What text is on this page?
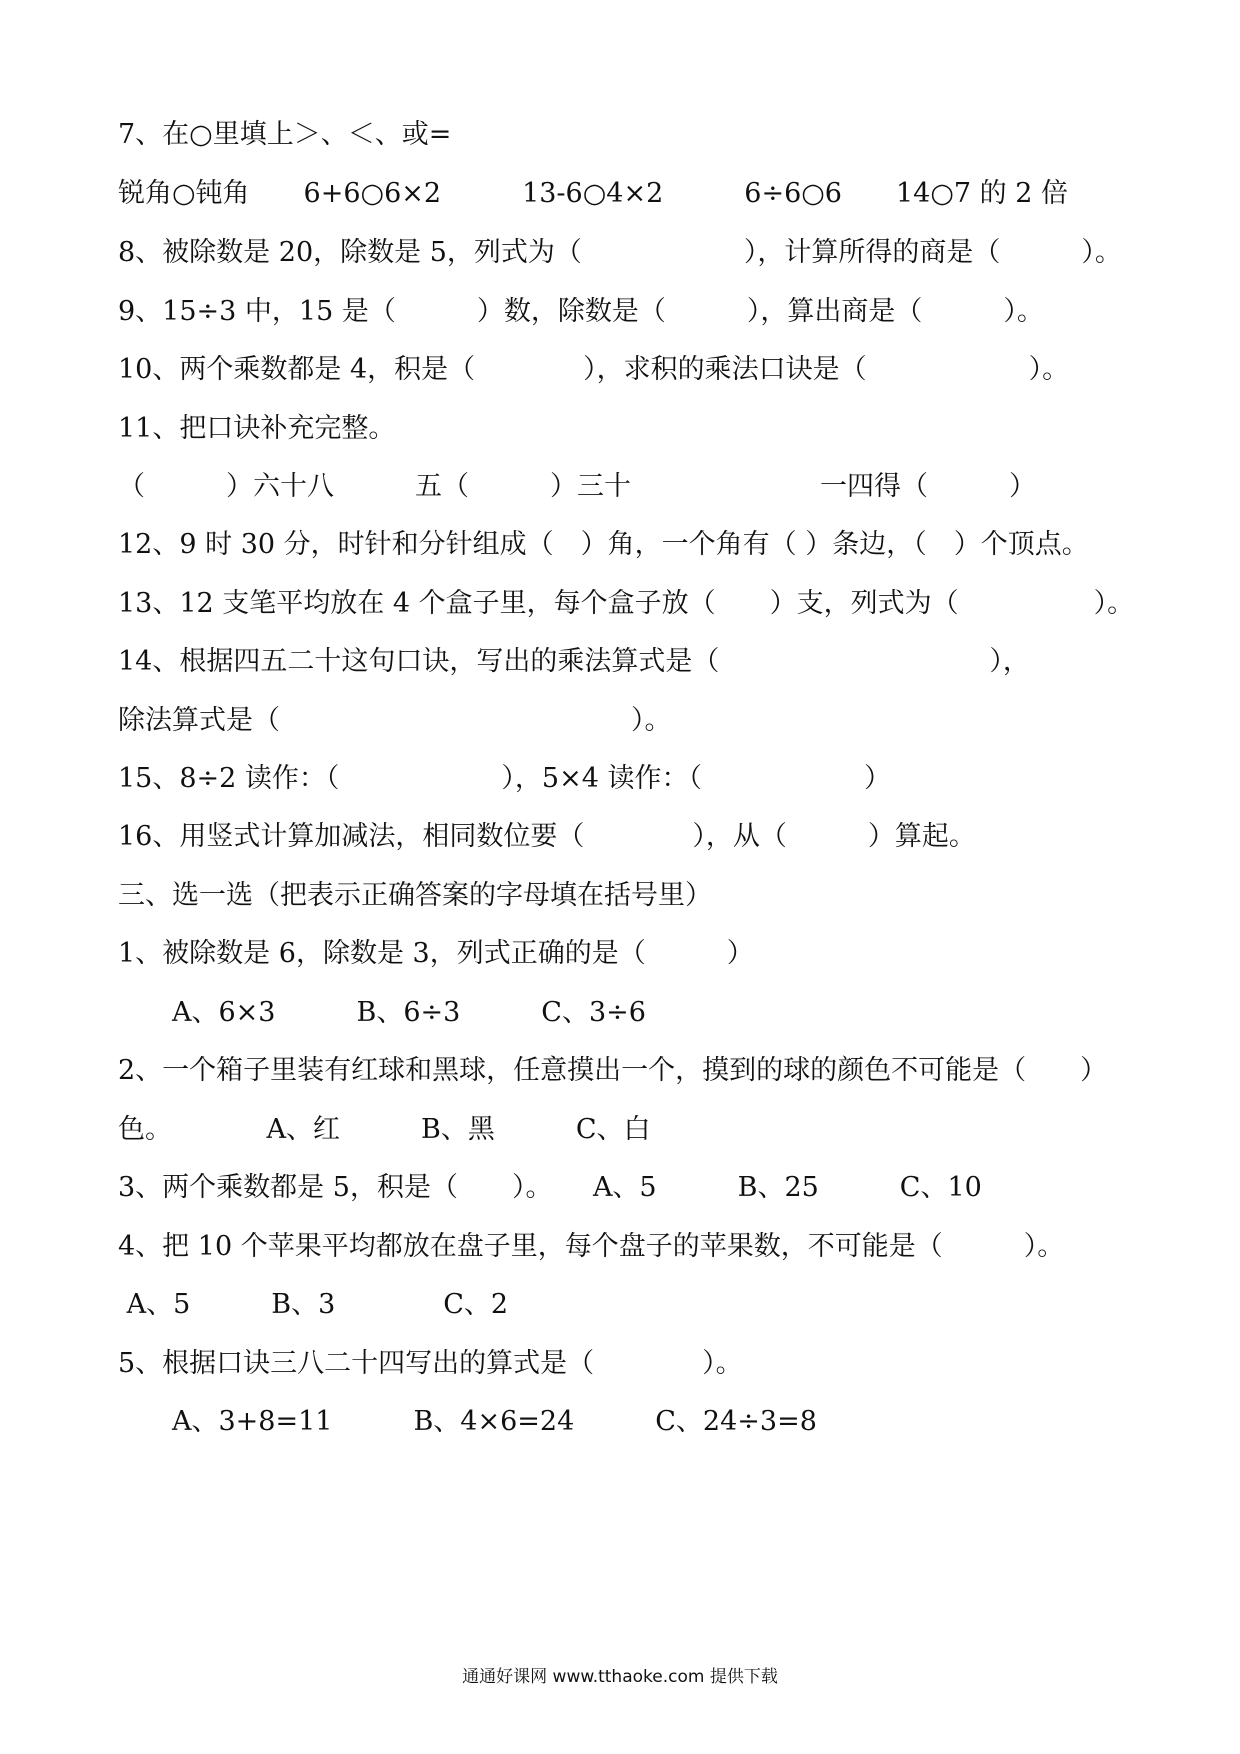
7、在○里填上＞、＜、或=
锐角○钝角　　6+6○6×2　　　13-6○4×2　　　6÷6○6　　14○7 的 2 倍
8、被除数是 20，除数是 5，列式为（　　　　　　），计算所得的商是（　　　）。
9、15÷3 中，15 是（　　　）数，除数是（　　　），算出商是（　　　）。
10、两个乘数都是 4，积是（　　　　），求积的乘法口诀是（　　　　　　）。
11、把口诀补充完整。
（　　　）六十八　　　五（　　　）三十　　　　　　　一四得（　　　）
12、9 时 30 分，时针和分针组成（　）角，一个角有（ ）条边，（　）个顶点。
13、12 支笔平均放在 4 个盒子里，每个盒子放（　　）支，列式为（　　　　　）。
14、根据四五二十这句口诀，写出的乘法算式是（　　　　　　　　　　），
除法算式是（　　　　　　　　　　　　　）。
15、8÷2 读作：（　　　　　　），5×4 读作：（　　　　　　）
16、用竖式计算加减法，相同数位要（　　　　），从（　　　）算起。
三、选一选（把表示正确答案的字母填在括号里）
1、被除数是 6，除数是 3，列式正确的是（　　　）
　　A、6×3　　　B、6÷3　　　C、3÷6
2、一个箱子里装有红球和黑球，任意摸出一个，摸到的球的颜色不可能是（　　）
色。　　　　A、红　　　B、黑　　　C、白
3、两个乘数都是 5，积是（　　）。　　A、5　　　B、25　　　C、10
4、把 10 个苹果平均都放在盘子里，每个盘子的苹果数，不可能是（　　　）。
A、5　　　B、3　　　　C、2
5、根据口诀三八二十四写出的算式是（　　　　）。
　　A、3+8=11　　　B、4×6=24　　　C、24÷3=8
通通好课网 www.tthaoke.com 提供下载
